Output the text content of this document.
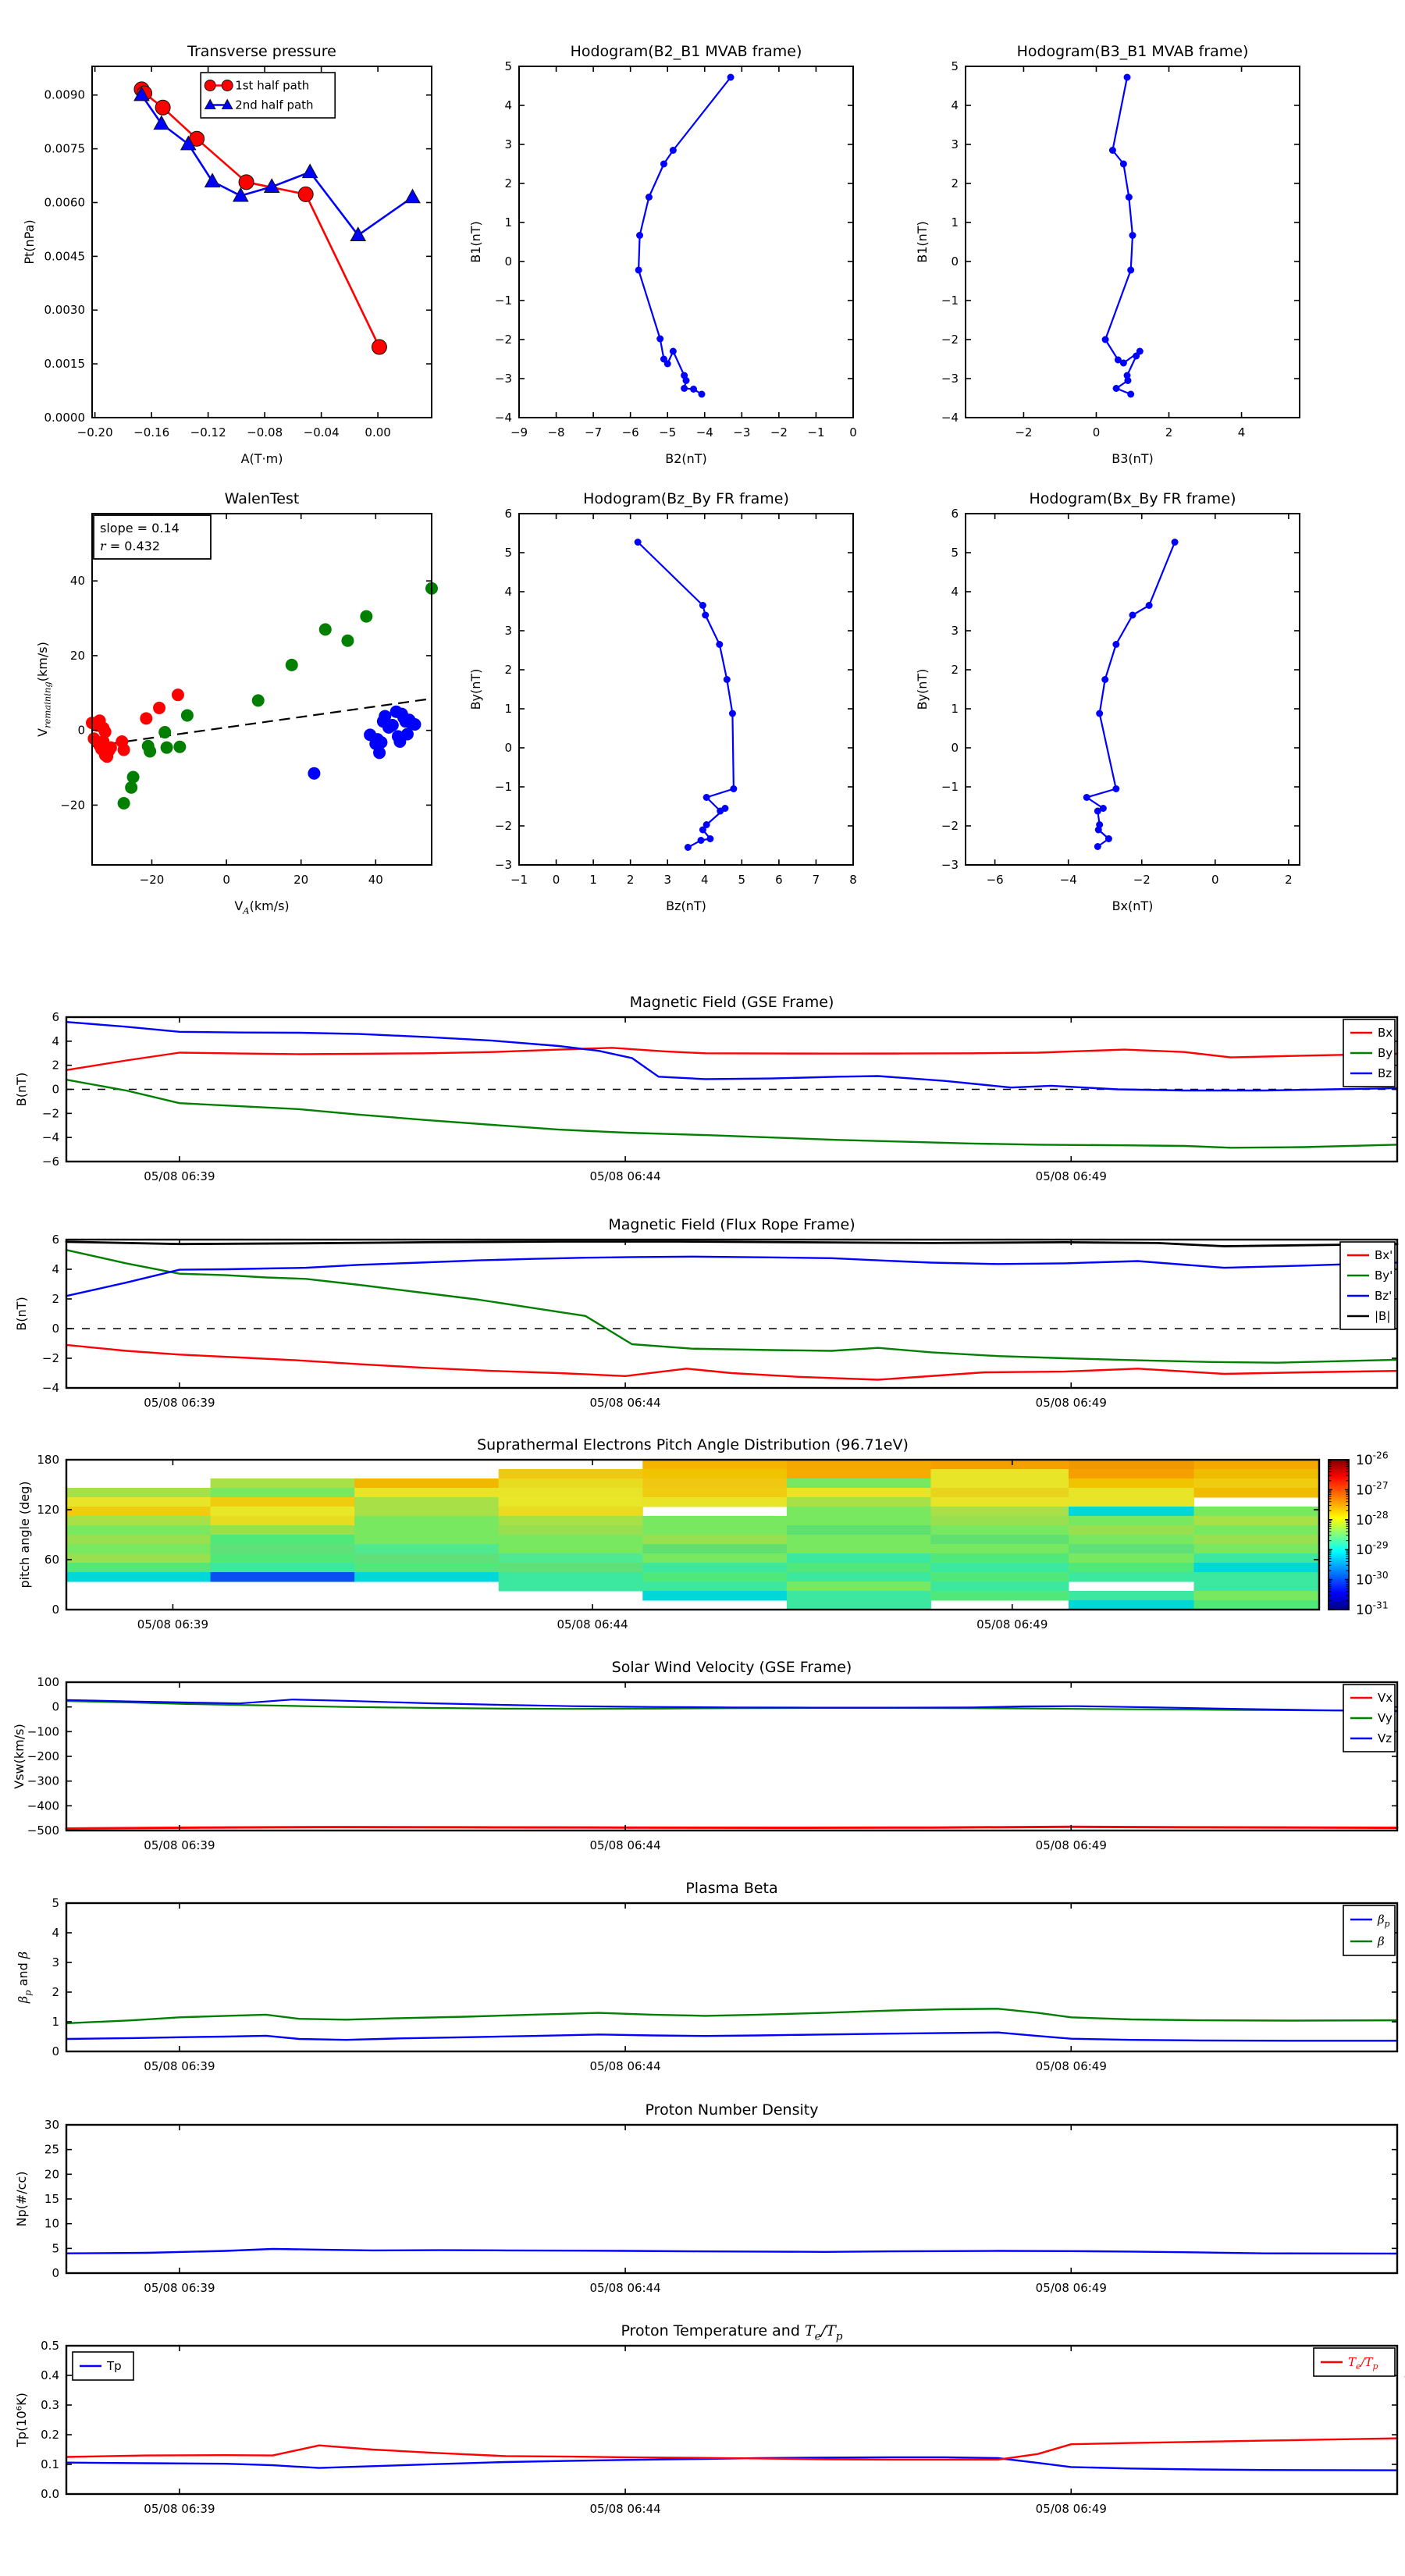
−0.20 −0.16 −0.12 −0.08 −0.04 0.00
0.0000
0.0015
0.0030
0.0045
0.0060
0.0075
0.0090
Transverse pressure
A(T·m)
Pt(nPa)
1st half path
2nd half path
−9 −8 −7 −6 −5 −4 −3 −2 −1 0
−4
−3
−2
−1
0
1
2
3
4
5
Hodogram(B2_B1 MVAB frame)
B2(nT)
B1(nT)
−2	0	2	4
−4
−3
−2
−1
0
1
2
3
4
5
Hodogram(B3_B1 MVAB frame)
B3(nT)
B1(nT)
−20	0	20	40
−20
0
20
40
WalenTest
$V_A(km/s)$
$V_{remaining}(km/s)$
slope = 0.14
r = 0.432
−1 0	1	2	3	4	5	6	7	8
−3
−2
−1
0
1
2
3
4
5
6
Hodogram(Bz_By FR frame)
Bz(nT)
By(nT)
−6	−4	−2	0	2
−3
−2
−1
0
1
2
3
4
5
6
Hodogram(Bx_By FR frame)
Bx(nT)
By(nT)
05/08 06:39	05/08 06:44	05/08 06:49
−6
−4
−2
0
2
4
6
Magnetic Field (GSE Frame)
B(nT)
Bx
By
Bz
05/08 06:39	05/08 06:44	05/08 06:49
−4
−2
0
2
4
6
Magnetic Field (Flux Rope Frame)
B(nT)
Bx'
By'
Bz'
|B|
05/08 06:39	05/08 06:44	05/08 06:49
0
60
120
180
Suprathermal Electrons Pitch Angle Distribution (96.71eV)
pitch angle (deg)
05/08 06:39	05/08 06:44	05/08 06:49
−500
−400
−300
−200
−100
0
100
Solar Wind Velocity (GSE Frame)
Vsw(km/s)
Vx
Vy
Vz
05/08 06:39	05/08 06:44	05/08 06:49
0
1
2
3
4
5
Plasma Beta
$\beta_p$ and β
$\beta_p$
β
05/08 06:39	05/08 06:44	05/08 06:49
0
5
10
15
20
25
30
Proton Number Density
Np(#/cc)
05/08 06:39	05/08 06:44	05/08 06:49
0.0
0.1
0.2
0.3
0.4
0.5
Proton Temperature and $T_e/T_p$
Tp(10⁶K)
Tp	$T_e/T_p$
$10^{-26}$
$10^{-27}$
$10^{-28}$
$10^{-29}$
$10^{-30}$
$10^{-31}$
